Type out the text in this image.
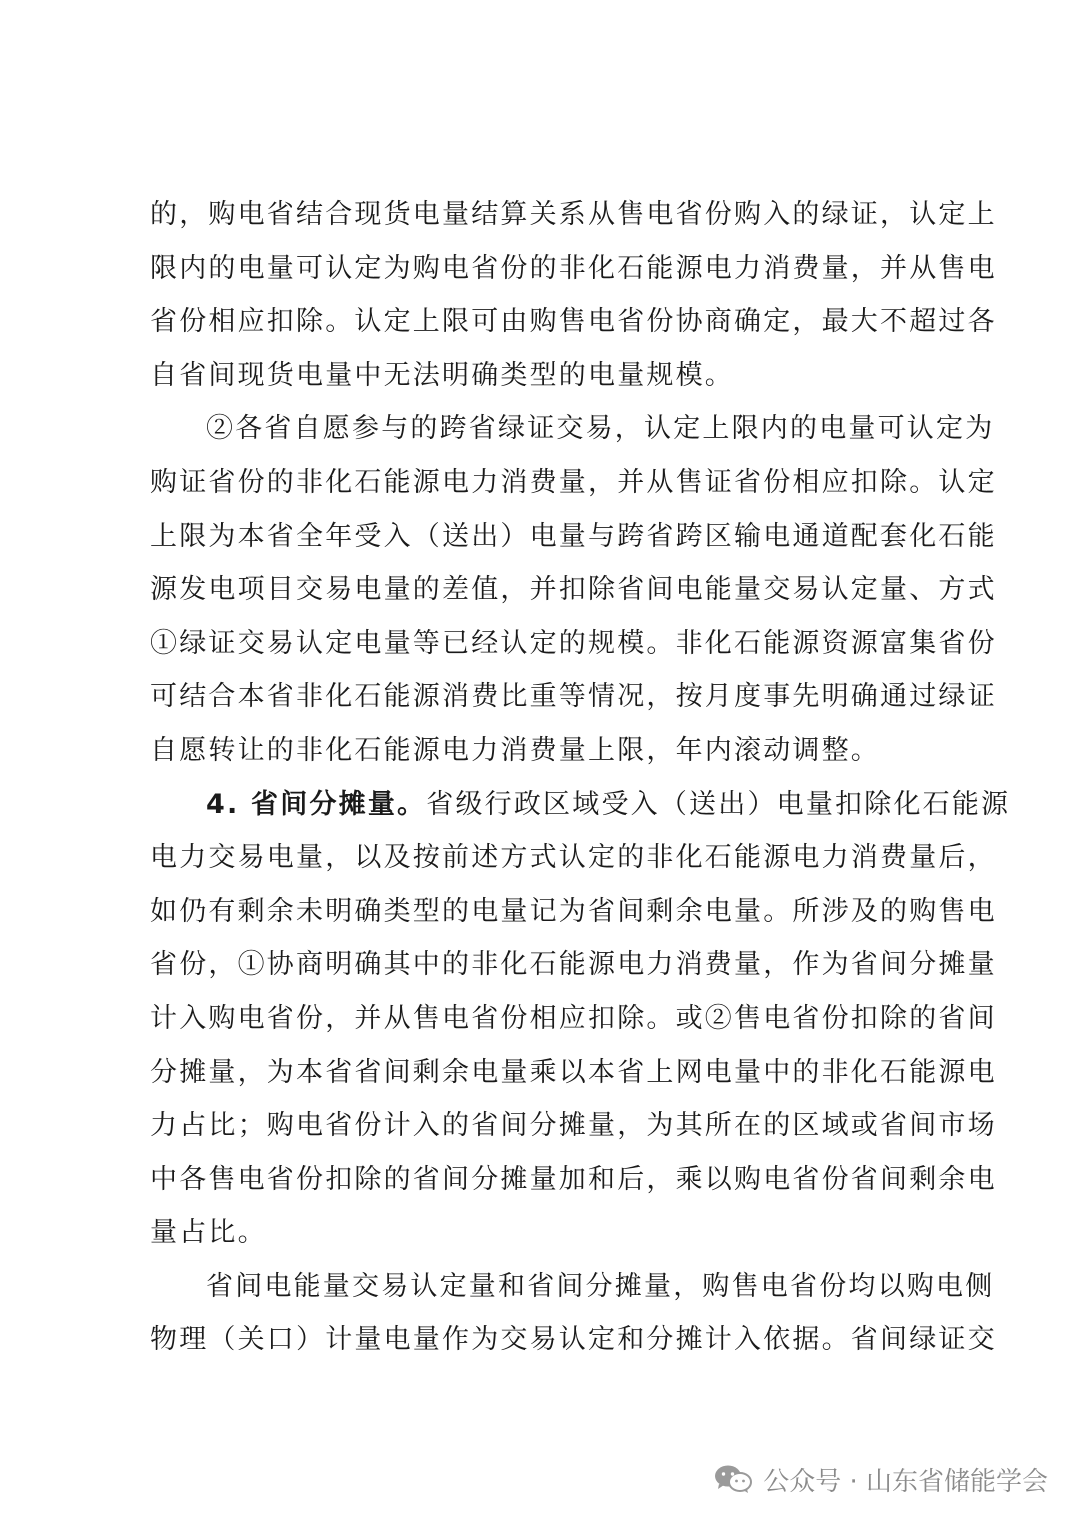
的，购电省结合现货电量结算关系从售电省份购入的绿证，认定上
限内的电量可认定为购电省份的非化石能源电力消费量，并从售电
省份相应扣除。认定上限可由购售电省份协商确定，最大不超过各
自省间现货电量中无法明确类型的电量规模。
②各省自愿参与的跨省绿证交易，认定上限内的电量可认定为
购证省份的非化石能源电力消费量，并从售证省份相应扣除。认定
上限为本省全年受入（送出）电量与跨省跨区输电通道配套化石能
源发电项目交易电量的差值，并扣除省间电能量交易认定量、方式
①绿证交易认定电量等已经认定的规模。非化石能源资源富集省份
可结合本省非化石能源消费比重等情况，按月度事先明确通过绿证
自愿转让的非化石能源电力消费量上限，年内滚动调整。
4. 省间分摊量。省级行政区域受入（送出）电量扣除化石能源
电力交易电量，以及按前述方式认定的非化石能源电力消费量后，
如仍有剩余未明确类型的电量记为省间剩余电量。所涉及的购售电
省份，①协商明确其中的非化石能源电力消费量，作为省间分摊量
计入购电省份，并从售电省份相应扣除。或②售电省份扣除的省间
分摊量，为本省省间剩余电量乘以本省上网电量中的非化石能源电
力占比；购电省份计入的省间分摊量，为其所在的区域或省间市场
中各售电省份扣除的省间分摊量加和后，乘以购电省份省间剩余电
量占比。
省间电能量交易认定量和省间分摊量，购售电省份均以购电侧
物理（关口）计量电量作为交易认定和分摊计入依据。省间绿证交
公众号 · 山东省储能学会
